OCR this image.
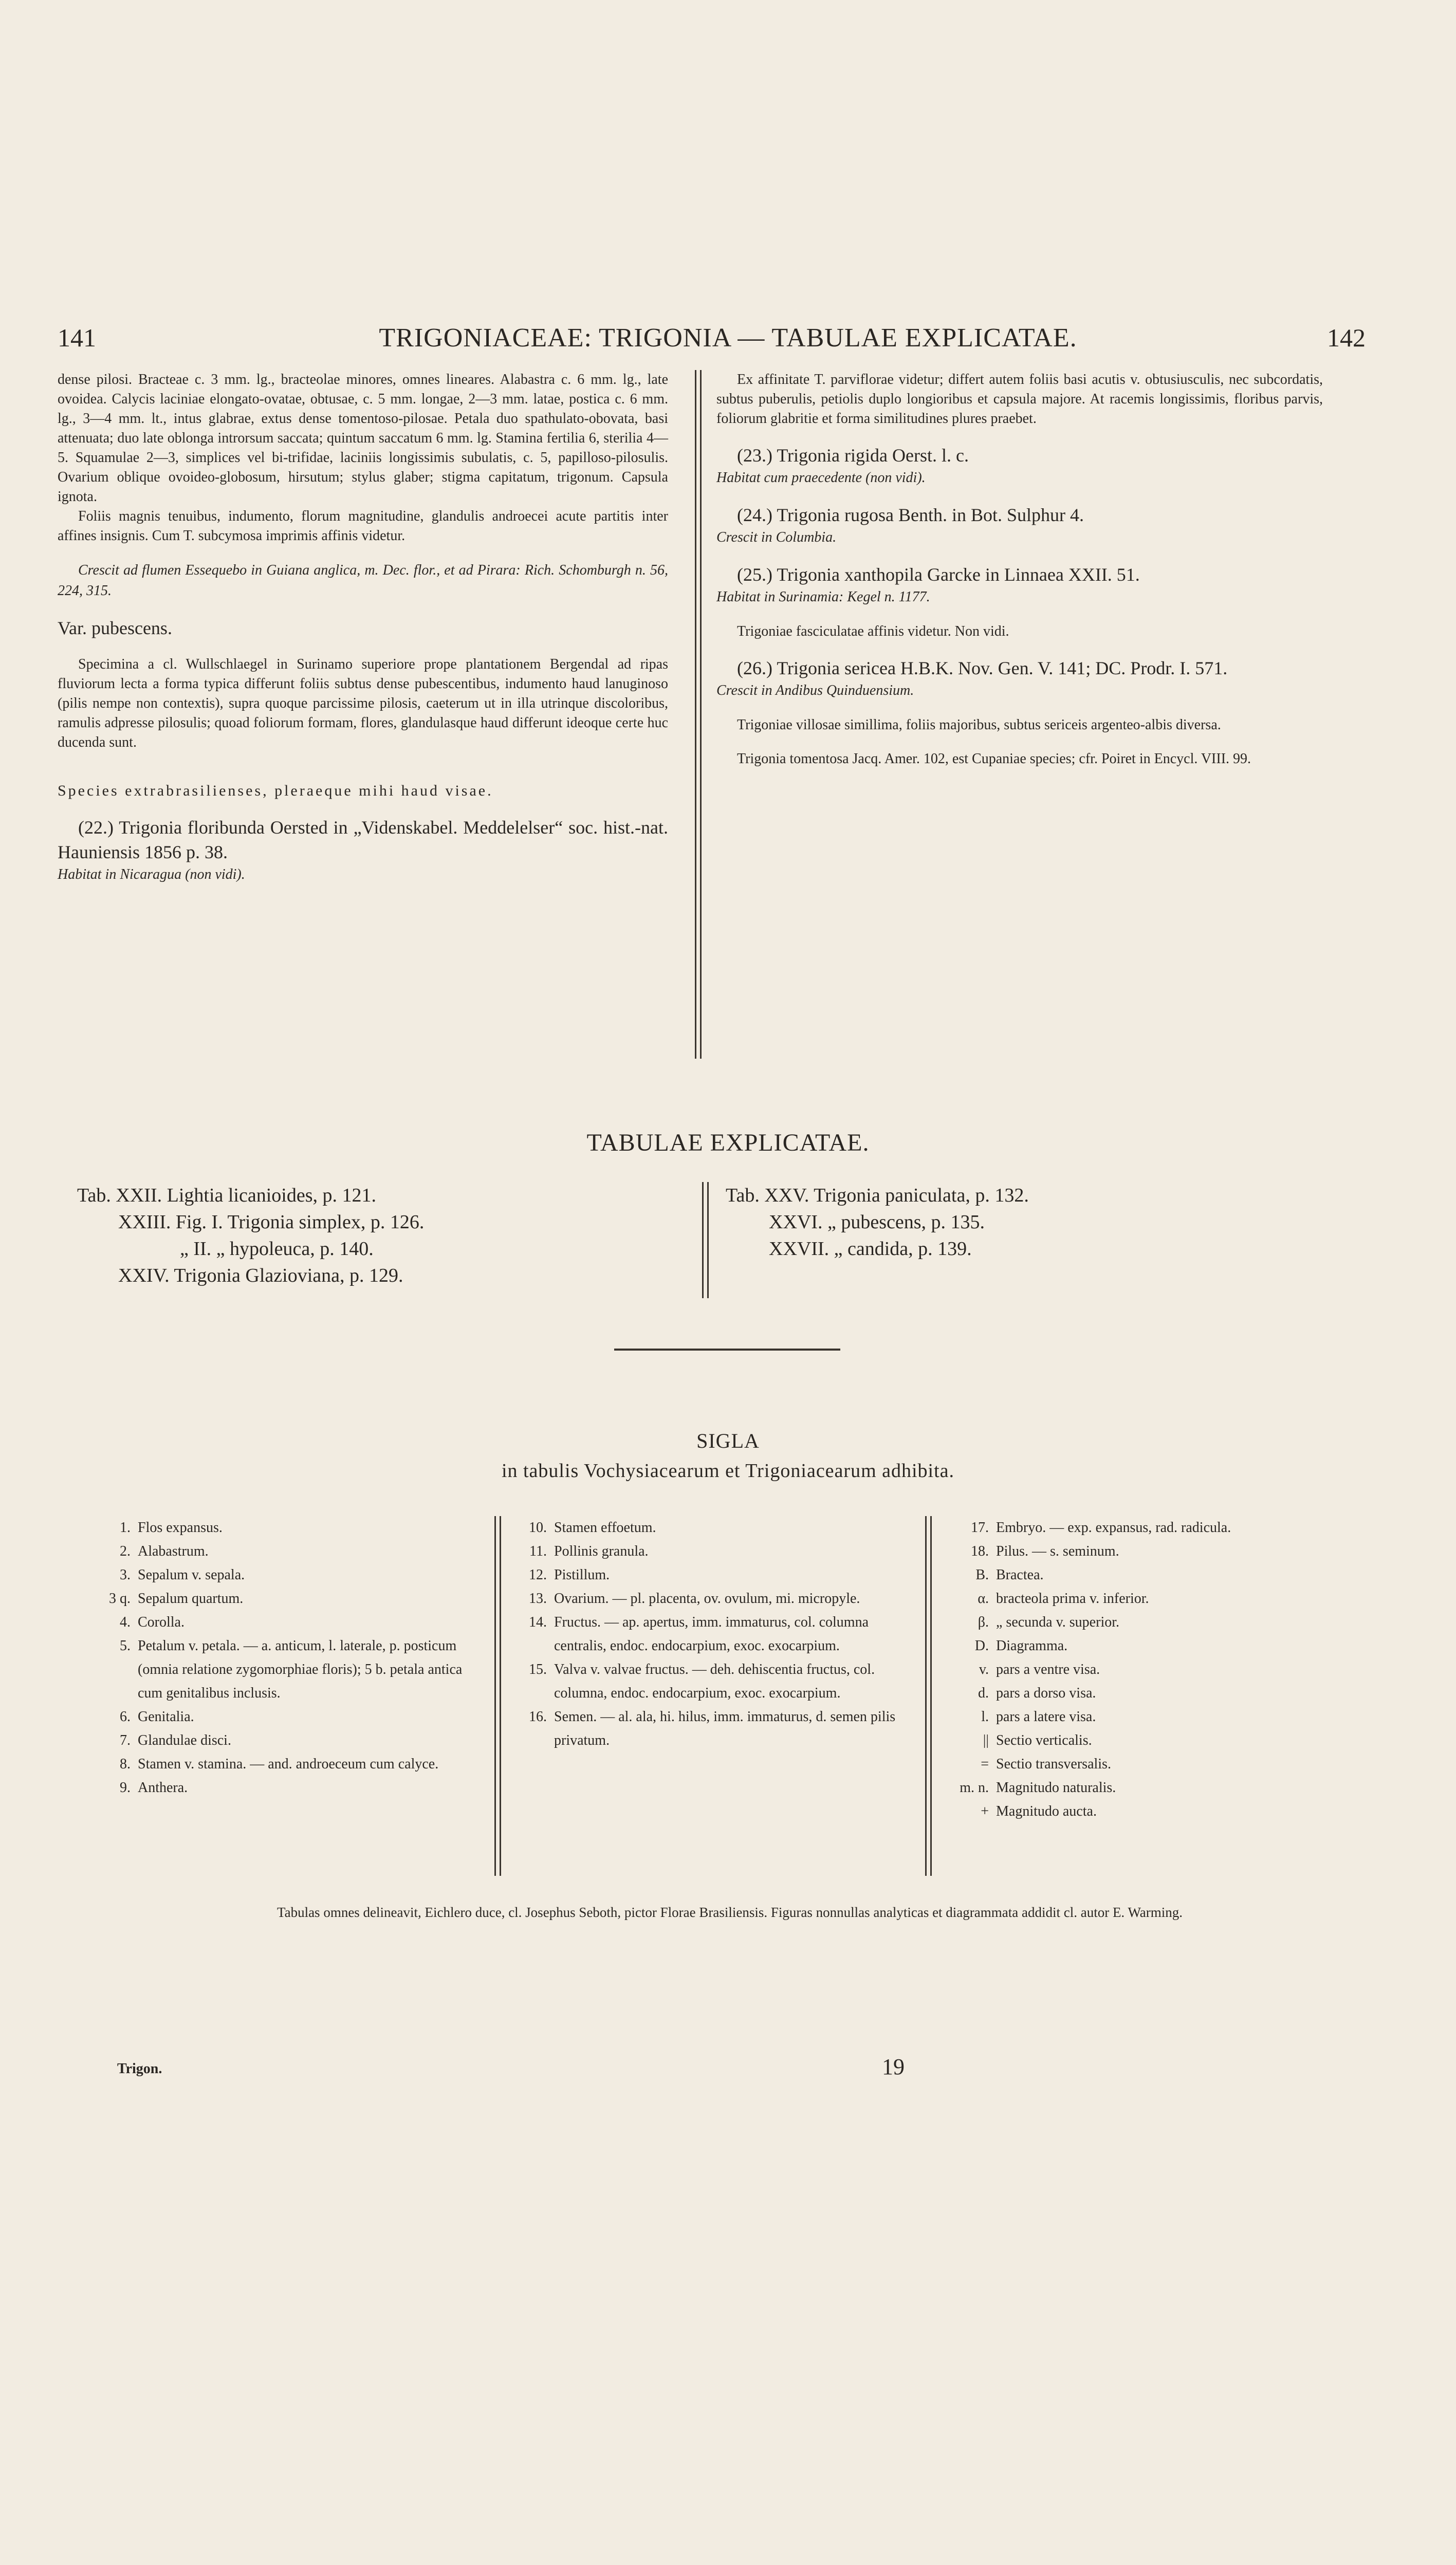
141	TRIGONIACEAE: TRIGONIA — TABULAE EXPLICATAE.	142

dense pilosi. Bracteae c. 3 mm. lg., bracteolae minores, omnes lineares. Alabastra c. 6 mm. lg., late ovoidea. Calycis laciniae elongato-ovatae, obtusae, c. 5 mm. longae, 2—3 mm. latae, postica c. 6 mm. lg., 3—4 mm. lt., intus glabrae, extus dense tomentoso-pilosae. Petala duo spathulato-obovata, basi attenuata; duo late oblonga introrsum saccata; quintum saccatum 6 mm. lg. Stamina fertilia 6, sterilia 4—5. Squamulae 2—3, simplices vel bi-trifidae, laciniis longissimis subulatis, c. 5, papilloso-pilosulis. Ovarium oblique ovoideo-globosum, hirsutum; stylus glaber; stigma capitatum, trigonum. Capsula ignota.

Foliis magnis tenuibus, indumento, florum magnitudine, glandulis androecei acute partitis inter affines insignis. Cum T. subcymosa imprimis affinis videtur.

Crescit ad flumen Essequebo in Guiana anglica, m. Dec. flor., et ad Pirara: Rich. Schomburgh n. 56, 224, 315.

Var. pubescens.

Specimina a cl. Wullschlaegel in Surinamo superiore prope plantationem Bergendal ad ripas fluviorum lecta a forma typica differunt foliis subtus dense pubescentibus, indumento haud lanuginoso (pilis nempe non contextis), supra quoque parcissime pilosis, caeterum ut in illa utrinque discoloribus, ramulis adpresse pilosulis; quoad foliorum formam, flores, glandulasque haud differunt ideoque certe huc ducenda sunt.

Species extrabrasilienses, pleraeque mihi haud visae.

(22.) Trigonia floribunda Oersted in „Videnskabel. Meddelelser“ soc. hist.-nat. Hauniensis 1856 p. 38.

Habitat in Nicaragua (non vidi).

Ex affinitate T. parviflorae videtur; differt autem foliis basi acutis v. obtusiusculis, nec subcordatis, subtus puberulis, petiolis duplo longioribus et capsula majore. At racemis longissimis, floribus parvis, foliorum glabritie et forma similitudines plures praebet.

(23.) Trigonia rigida Oerst. l. c.

Habitat cum praecedente (non vidi).

(24.) Trigonia rugosa Benth. in Bot. Sulphur 4.

Crescit in Columbia.

(25.) Trigonia xanthopila Garcke in Linnaea XXII. 51.

Habitat in Surinamia: Kegel n. 1177.

Trigoniae fasciculatae affinis videtur. Non vidi.

(26.) Trigonia sericea H.B.K. Nov. Gen. V. 141; DC. Prodr. I. 571.

Crescit in Andibus Quinduensium.

Trigoniae villosae simillima, foliis majoribus, subtus sericeis argenteo-albis diversa.

Trigonia tomentosa Jacq. Amer. 102, est Cupaniae species; cfr. Poiret in Encycl. VIII. 99.

TABULAE EXPLICATAE.
Tab. XXII. Lightia licanioides, p. 121.
XXIII. Fig. I. Trigonia simplex, p. 126.
„ II. „ hypoleuca, p. 140.
XXIV. Trigonia Glazioviana, p. 129.
Tab. XXV. Trigonia paniculata, p. 132.
XXVI. „ pubescens, p. 135.
XXVII. „ candida, p. 139.
SIGLA
in tabulis Vochysiacearum et Trigoniacearum adhibita.
1. Flos expansus.
2. Alabastrum.
3. Sepalum v. sepala.
3 q. Sepalum quartum.
4. Corolla.
5. Petalum v. petala. — a. anticum, l. laterale, p. posticum (omnia relatione zygomorphiae floris); 5 b. petala antica cum genitalibus inclusis.
6. Genitalia.
7. Glandulae disci.
8. Stamen v. stamina. — and. androeceum cum calyce.
9. Anthera.
10. Stamen effoetum.
11. Pollinis granula.
12. Pistillum.
13. Ovarium. — pl. placenta, ov. ovulum, mi. micropyle.
14. Fructus. — ap. apertus, imm. immaturus, col. columna centralis, endoc. endocarpium, exoc. exocarpium.
15. Valva v. valvae fructus. — deh. dehiscentia fructus, col. columna, endoc. endocarpium, exoc. exocarpium.
16. Semen. — al. ala, hi. hilus, imm. immaturus, d. semen pilis privatum.
17. Embryo. — exp. expansus, rad. radicula.
18. Pilus. — s. seminum.
B. Bractea.
α. bracteola prima v. inferior.
β. „ secunda v. superior.
D. Diagramma.
v. pars a ventre visa.
d. pars a dorso visa.
l. pars a latere visa.
|| Sectio verticalis.
= Sectio transversalis.
m. n. Magnitudo naturalis.
+ Magnitudo aucta.
Tabulas omnes delineavit, Eichlero duce, cl. Josephus Seboth, pictor Florae Brasiliensis. Figuras nonnullas analyticas et diagrammata addidit cl. autor E. Warming.
Trigon.	19
